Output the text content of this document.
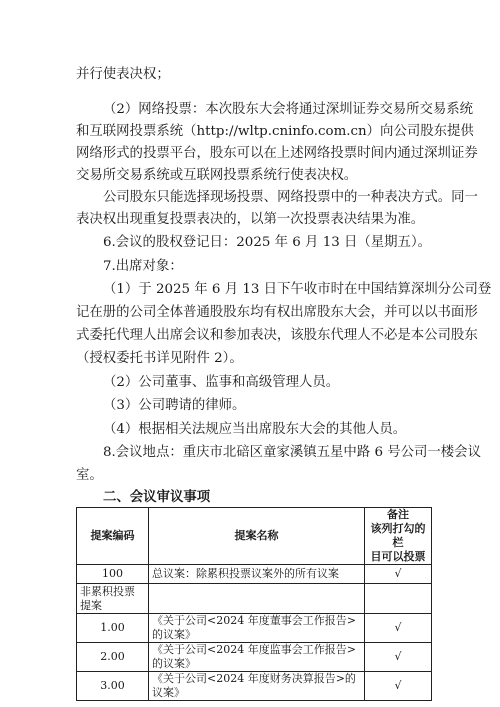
并行使表决权；
（2）网络投票：本次股东大会将通过深圳证券交易所交易系统
和互联网投票系统（http://wltp.cninfo.com.cn）向公司股东提供
网络形式的投票平台，股东可以在上述网络投票时间内通过深圳证券
交易所交易系统或互联网投票系统行使表决权。
公司股东只能选择现场投票、网络投票中的一种表决方式。同一
表决权出现重复投票表决的，以第一次投票表决结果为准。
6.会议的股权登记日：2025 年 6 月 13 日（星期五）。
7.出席对象：
（1）于 2025 年 6 月 13 日下午收市时在中国结算深圳分公司登
记在册的公司全体普通股股东均有权出席股东大会，并可以以书面形
式委托代理人出席会议和参加表决，该股东代理人不必是本公司股东
（授权委托书详见附件 2）。
（2）公司董事、监事和高级管理人员。
（3）公司聘请的律师。
（4）根据相关法规应当出席股东大会的其他人员。
8.会议地点：重庆市北碚区童家溪镇五星中路 6 号公司一楼会议
室。
二、会议审议事项
提案编码	提案名称	备注
该列打勾的栏
目可以投票

100	总议案：除累积投票议案外的所有议案	√
非累积投票提案		
1.00	《关于公司<2024 年度董事会工作报告>的议案》	√
2.00	《关于公司<2024 年度监事会工作报告>的议案》	√
3.00	《关于公司<2024 年度财务决算报告>的议案》	√
